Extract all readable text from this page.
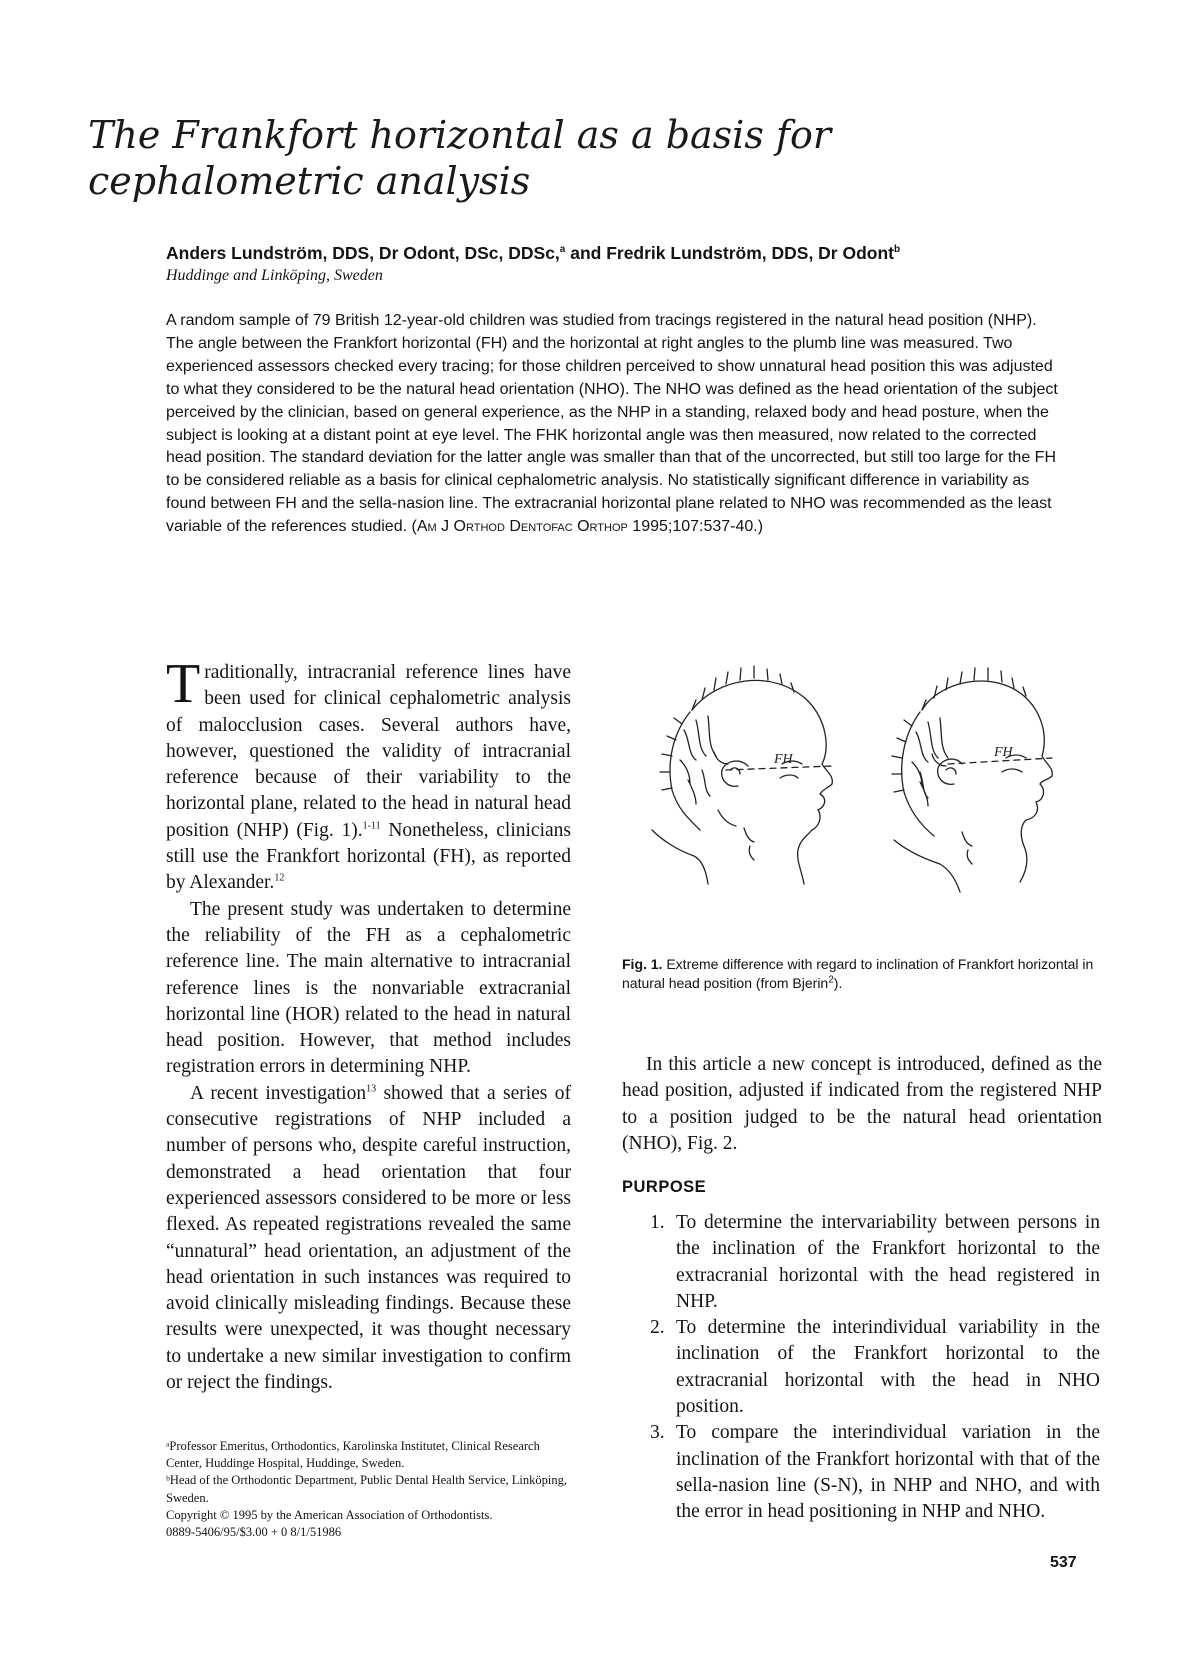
The Frankfort horizontal as a basis for cephalometric analysis
Anders Lundström, DDS, Dr Odont, DSc, DDSc,$^a$ and Fredrik Lundström, DDS, Dr Odont$^b$
Huddinge and Linköping, Sweden
A random sample of 79 British 12-year-old children was studied from tracings registered in the natural head position (NHP). The angle between the Frankfort horizontal (FH) and the horizontal at right angles to the plumb line was measured. Two experienced assessors checked every tracing; for those children perceived to show unnatural head position this was adjusted to what they considered to be the natural head orientation (NHO). The NHO was defined as the head orientation of the subject perceived by the clinician, based on general experience, as the NHP in a standing, relaxed body and head posture, when the subject is looking at a distant point at eye level. The FHK horizontal angle was then measured, now related to the corrected head position. The standard deviation for the latter angle was smaller than that of the uncorrected, but still too large for the FH to be considered reliable as a basis for clinical cephalometric analysis. No statistically significant difference in variability as found between FH and the sella-nasion line. The extracranial horizontal plane related to NHO was recommended as the least variable of the references studied. (Am J Orthod Dentofac Orthop 1995;107:537-40.)

Traditionally, intracranial reference lines have been used for clinical cephalometric analysis of malocclusion cases. Several authors have, however, questioned the validity of intracranial reference because of their variability to the horizontal plane, related to the head in natural head position (NHP) (Fig. 1).$^{1-11}$ Nonetheless, clinicians still use the Frankfort horizontal (FH), as reported by Alexander.$^{12}$

The present study was undertaken to determine the reliability of the FH as a cephalometric reference line. The main alternative to intracranial reference lines is the nonvariable extracranial horizontal line (HOR) related to the head in natural head position. However, that method includes registration errors in determining NHP.

A recent investigation$^{13}$ showed that a series of consecutive registrations of NHP included a number of persons who, despite careful instruction, demonstrated a head orientation that four experienced assessors considered to be more or less flexed. As repeated registrations revealed the same “unnatural” head orientation, an adjustment of the head orientation in such instances was required to avoid clinically misleading findings. Because these results were unexpected, it was thought necessary to undertake a new similar investigation to confirm or reject the findings.

ᵃProfessor Emeritus, Orthodontics, Karolinska Institutet, Clinical Research Center, Huddinge Hospital, Huddinge, Sweden.
ᵇHead of the Orthodontic Department, Public Dental Health Service, Linköping, Sweden.
Copyright © 1995 by the American Association of Orthodontists.
0889-5406/95/$3.00 + 0 8/1/51986
FH	FH
Fig. 1. Extreme difference with regard to inclination of Frankfort horizontal in natural head position (from Bjerin$^2$).

In this article a new concept is introduced, defined as the head position, adjusted if indicated from the registered NHP to a position judged to be the natural head orientation (NHO), Fig. 2.

PURPOSE
1. To determine the intervariability between persons in the inclination of the Frankfort horizontal to the extracranial horizontal with the head registered in NHP.
2. To determine the interindividual variability in the inclination of the Frankfort horizontal to the extracranial horizontal with the head in NHO position.
3. To compare the interindividual variation in the inclination of the Frankfort horizontal with that of the sella-nasion line (S-N), in NHP and NHO, and with the error in head positioning in NHP and NHO.
537
